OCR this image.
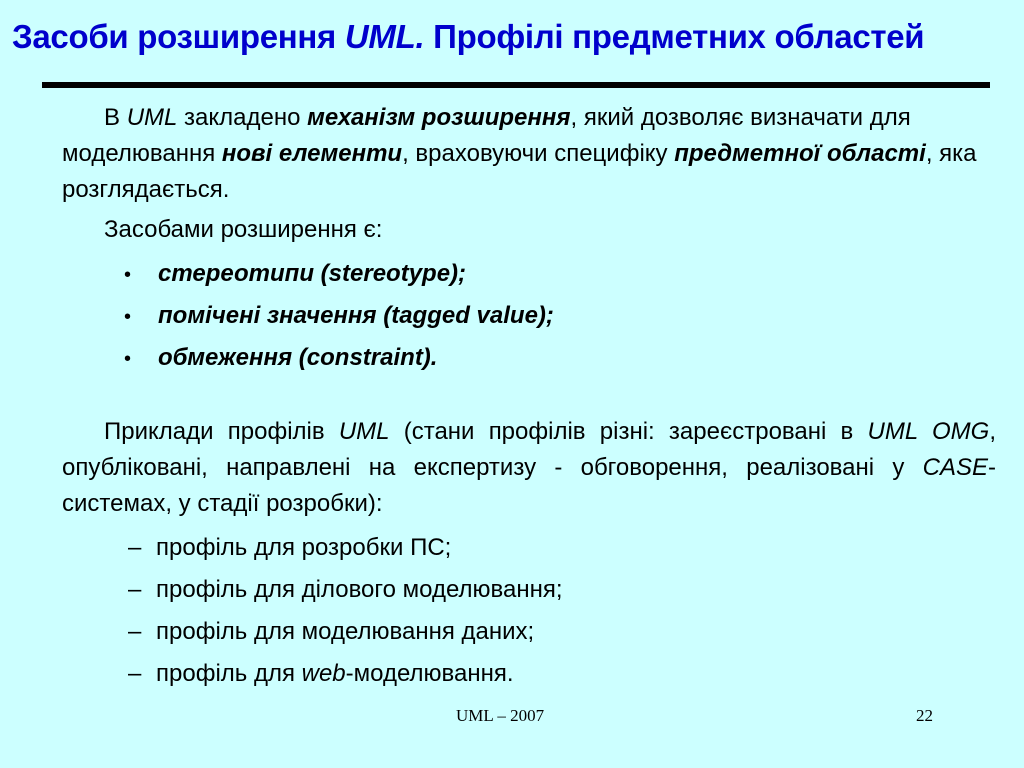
Засоби розширення UML. Профілі предметних областей

В UML закладено механізм розширення, який дозволяє визначати для моделювання нові елементи, враховуючи специфіку предметної області, яка розглядається.

Засобами розширення є:

• стереотипи (stereotype);
• помічені значення (tagged value);
• обмеження (constraint).

Приклади профілів UML (стани профілів різні: зареєстровані в UML OMG, опубліковані, направлені на експертизу - обговорення, реалізовані у CASE-системах, у стадії розробки):

– профіль для розробки ПС;
– профіль для ділового моделювання;
– профіль для моделювання даних;
– профіль для web-моделювання.
UML – 2007	22
